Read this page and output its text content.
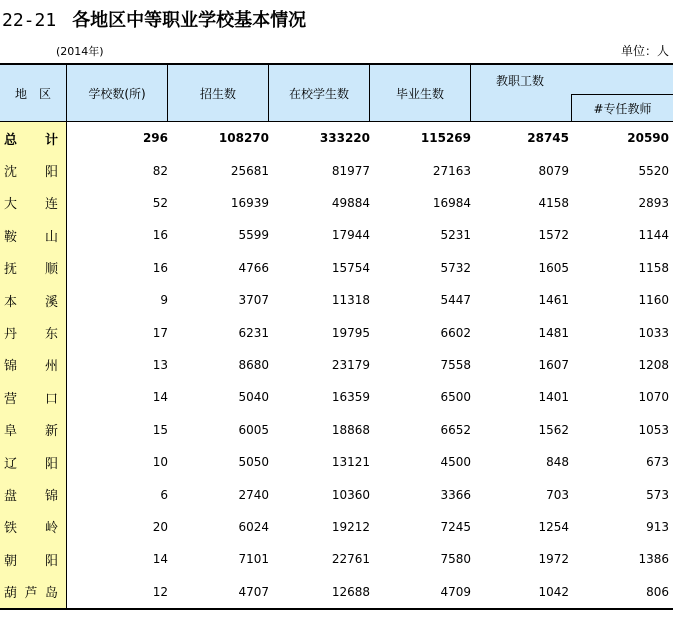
22-21 各地区中等职业学校基本情况
(2014年)	单位：人
地　区	学校数(所)	招生数	在校学生数	毕业生数
教职工数
#专任教师
总 计	296	108270	333220	115269	28745	20590
沈 阳	82	25681	81977	27163	8079	5520
大 连	52	16939	49884	16984	4158	2893
鞍 山	16	5599	17944	5231	1572	1144
抚 顺	16	4766	15754	5732	1605	1158
本 溪	9	3707	11318	5447	1461	1160
丹 东	17	6231	19795	6602	1481	1033
锦 州	13	8680	23179	7558	1607	1208
营 口	14	5040	16359	6500	1401	1070
阜 新	15	6005	18868	6652	1562	1053
辽 阳	10	5050	13121	4500	848	673
盘 锦	6	2740	10360	3366	703	573
铁 岭	20	6024	19212	7245	1254	913
朝 阳	14	7101	22761	7580	1972	1386
葫 芦 岛	12	4707	12688	4709	1042	806
